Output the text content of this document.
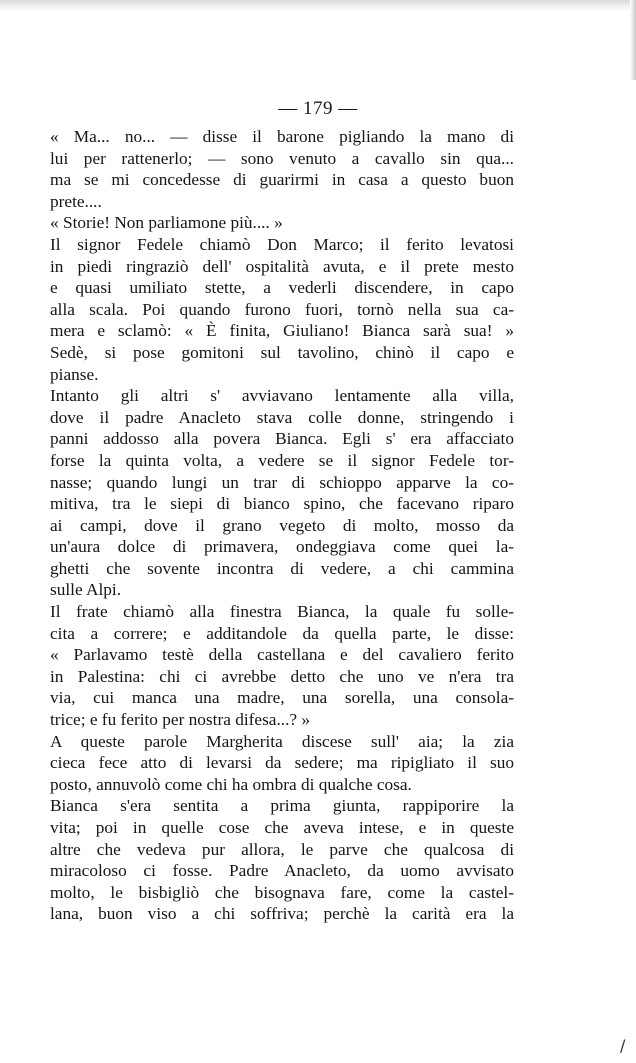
— 179 —
« Ma... no... — disse il barone pigliando la mano di
lui per rattenerlo; — sono venuto a cavallo sin qua...
ma se mi concedesse di guarirmi in casa a questo buon
prete....
« Storie! Non parliamone più.... »
Il signor Fedele chiamò Don Marco; il ferito levatosi
in piedi ringraziò dell' ospitalità avuta, e il prete mesto
e quasi umiliato stette, a vederli discendere, in capo
alla scala. Poi quando furono fuori, tornò nella sua ca-
mera e sclamò: « È finita, Giuliano! Bianca sarà sua! »
Sedè, si pose gomitoni sul tavolino, chinò il capo e
pianse.
Intanto gli altri s' avviavano lentamente alla villa,
dove il padre Anacleto stava colle donne, stringendo i
panni addosso alla povera Bianca. Egli s' era affacciato
forse la quinta volta, a vedere se il signor Fedele tor-
nasse; quando lungi un trar di schioppo apparve la co-
mitiva, tra le siepi di bianco spino, che facevano riparo
ai campi, dove il grano vegeto di molto, mosso da
un'aura dolce di primavera, ondeggiava come quei la-
ghetti che sovente incontra di vedere, a chi cammina
sulle Alpi.
Il frate chiamò alla finestra Bianca, la quale fu solle-
cita a correre; e additandole da quella parte, le disse:
« Parlavamo testè della castellana e del cavaliero ferito
in Palestina: chi ci avrebbe detto che uno ve n'era tra
via, cui manca una madre, una sorella, una consola-
trice; e fu ferito per nostra difesa...? »
A queste parole Margherita discese sull' aia; la zia
cieca fece atto di levarsi da sedere; ma ripigliato il suo
posto, annuvolò come chi ha ombra di qualche cosa.
Bianca s'era sentita a prima giunta, rappiporire la
vita; poi in quelle cose che aveva intese, e in queste
altre che vedeva pur allora, le parve che qualcosa di
miracoloso ci fosse. Padre Anacleto, da uomo avvisato
molto, le bisbigliò che bisognava fare, come la castel-
lana, buon viso a chi soffriva; perchè la carità era la
/
